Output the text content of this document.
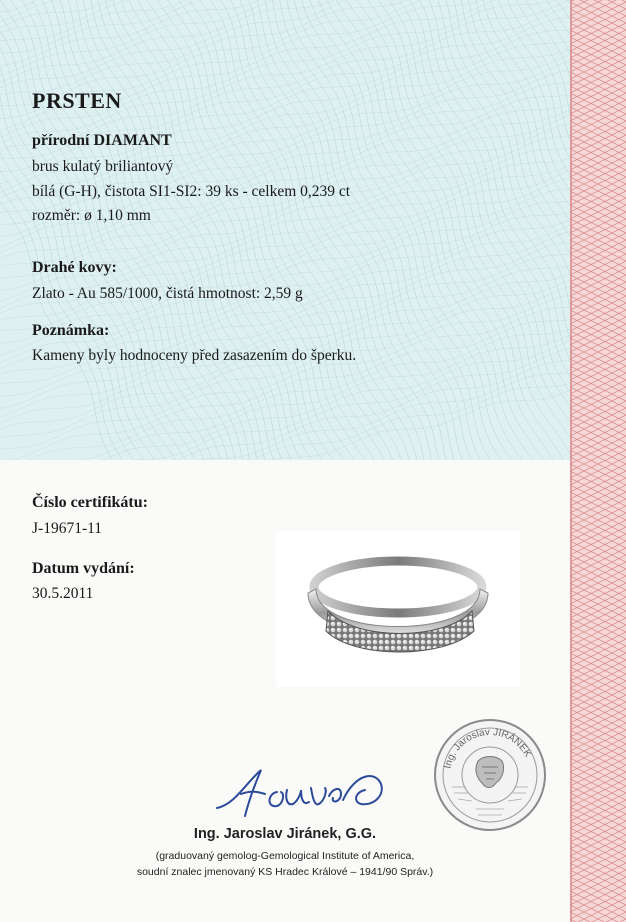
PRSTEN
přírodní DIAMANT
brus kulatý briliantový
bílá (G-H), čistota SI1-SI2: 39 ks - celkem 0,239 ct
rozměr: ø 1,10 mm
Drahé kovy:
Zlato - Au 585/1000, čistá hmotnost: 2,59 g
Poznámka:
Kameny byly hodnoceny před zasazením do šperku.
Číslo certifikátu:
J-19671-11
Datum vydání:
30.5.2011
Ing. Jaroslav JIRÁNEK
Ing. Jaroslav Jiránek, G.G.
(graduovaný gemolog-Gemological Institute of America,
soudní znalec jmenovaný KS Hradec Králové – 1941/90 Správ.)
